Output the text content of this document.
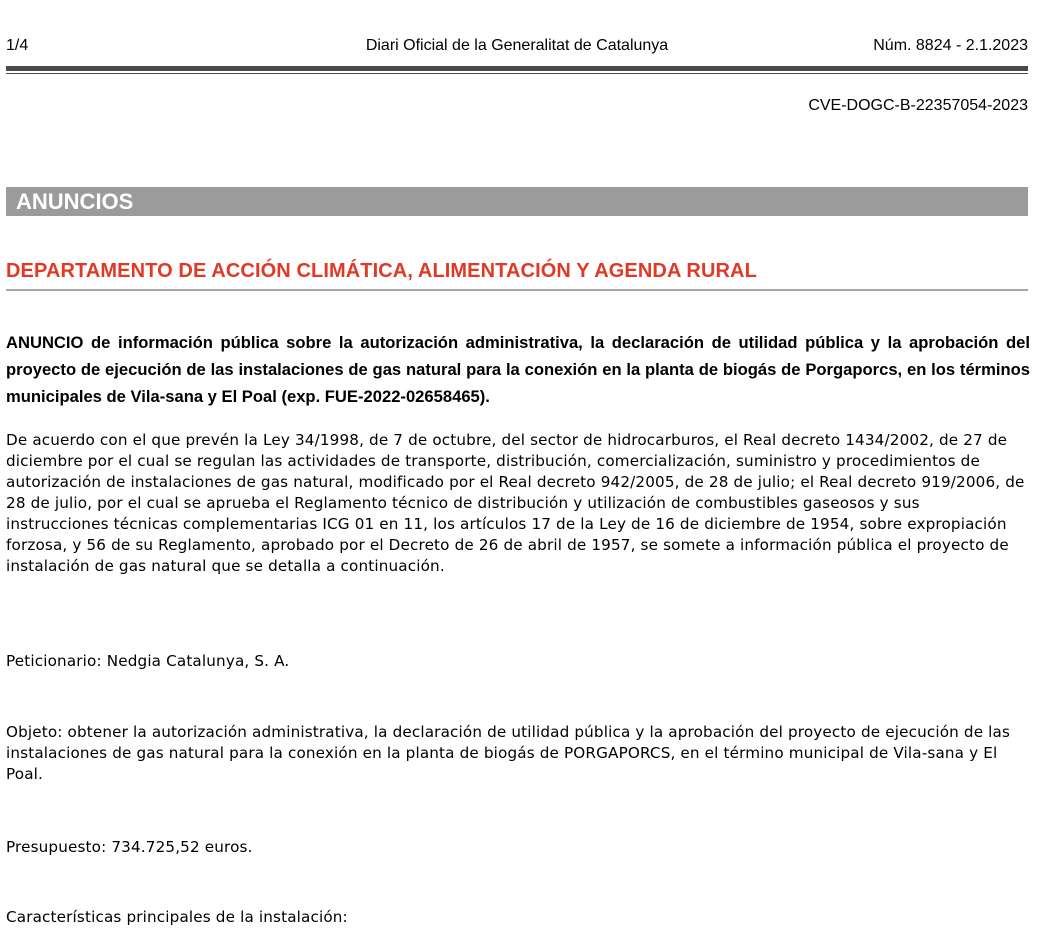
1/4	Diari Oficial de la Generalitat de Catalunya	Núm. 8824 - 2.1.2023
CVE-DOGC-B-22357054-2023
ANUNCIOS
DEPARTAMENTO DE ACCIÓN CLIMÁTICA, ALIMENTACIÓN Y AGENDA RURAL
ANUNCIO de información pública sobre la autorización administrativa, la declaración de utilidad pública y la aprobación del proyecto de ejecución de las instalaciones de gas natural para la conexión en la planta de biogás de Porgaporcs, en los términos municipales de Vila-sana y El Poal (exp. FUE-2022-02658465).
De acuerdo con el que prevén la Ley 34/1998, de 7 de octubre, del sector de hidrocarburos, el Real decreto 1434/2002, de 27 de diciembre por el cual se regulan las actividades de transporte, distribución, comercialización, suministro y procedimientos de autorización de instalaciones de gas natural, modificado por el Real decreto 942/2005, de 28 de julio; el Real decreto 919/2006, de 28 de julio, por el cual se aprueba el Reglamento técnico de distribución y utilización de combustibles gaseosos y sus instrucciones técnicas complementarias ICG 01 en 11, los artículos 17 de la Ley de 16 de diciembre de 1954, sobre expropiación forzosa, y 56 de su Reglamento, aprobado por el Decreto de 26 de abril de 1957, se somete a información pública el proyecto de instalación de gas natural que se detalla a continuación.
Peticionario: Nedgia Catalunya, S. A.
Objeto: obtener la autorización administrativa, la declaración de utilidad pública y la aprobación del proyecto de ejecución de las instalaciones de gas natural para la conexión en la planta de biogás de PORGAPORCS, en el término municipal de Vila-sana y El Poal.
Presupuesto: 734.725,52 euros.
Características principales de la instalación:
